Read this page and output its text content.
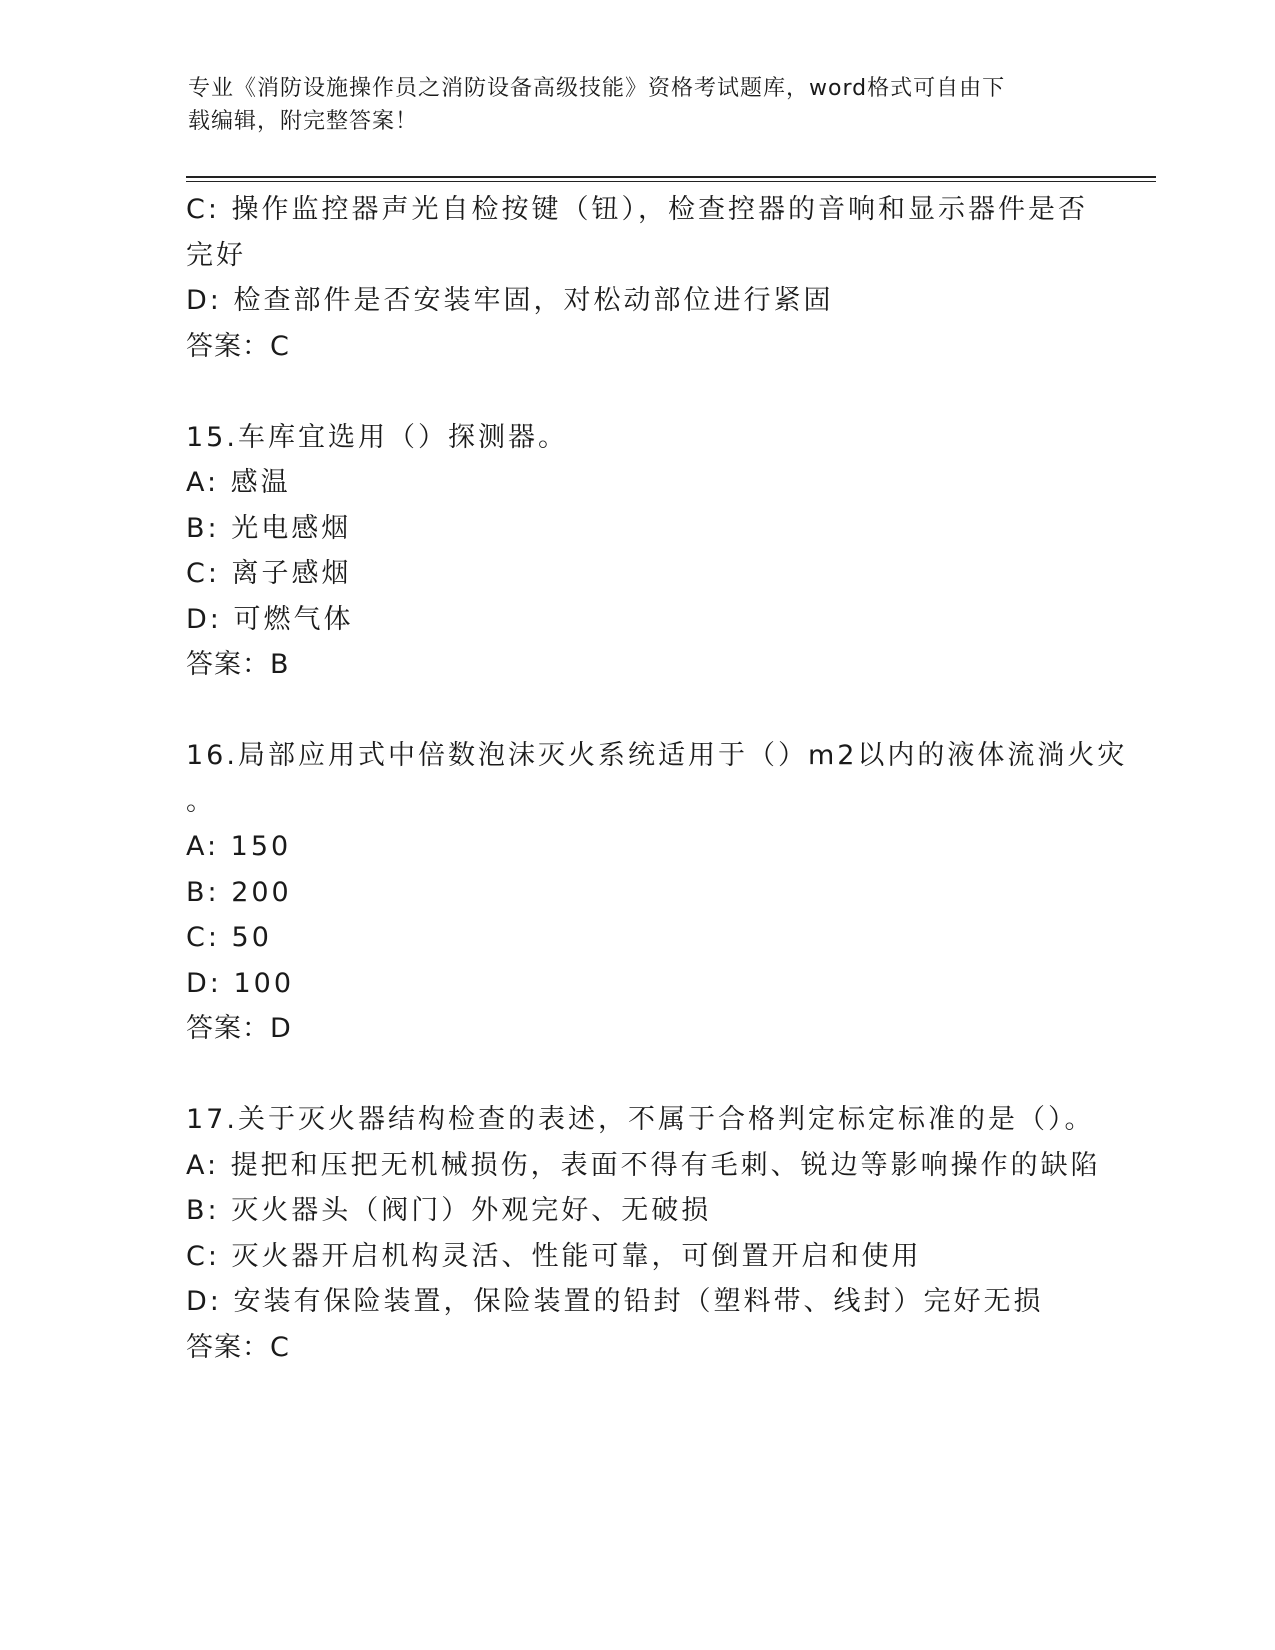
专业《消防设施操作员之消防设备高级技能》资格考试题库，word格式可自由下
载编辑，附完整答案！
C: 操作监控器声光自检按键（钮），检查控器的音响和显示器件是否
完好
D: 检查部件是否安装牢固，对松动部位进行紧固
答案：C
15.车库宜选用（）探测器。
A: 感温
B: 光电感烟
C: 离子感烟
D: 可燃气体
答案：B
16.局部应用式中倍数泡沫灭火系统适用于（）m2以内的液体流淌火灾
。
A: 150
B: 200
C: 50
D: 100
答案：D
17.关于灭火器结构检查的表述，不属于合格判定标定标准的是（）。
A: 提把和压把无机械损伤，表面不得有毛刺、锐边等影响操作的缺陷
B: 灭火器头（阀门）外观完好、无破损
C: 灭火器开启机构灵活、性能可靠，可倒置开启和使用
D: 安装有保险装置，保险装置的铅封（塑料带、线封）完好无损
答案：C
